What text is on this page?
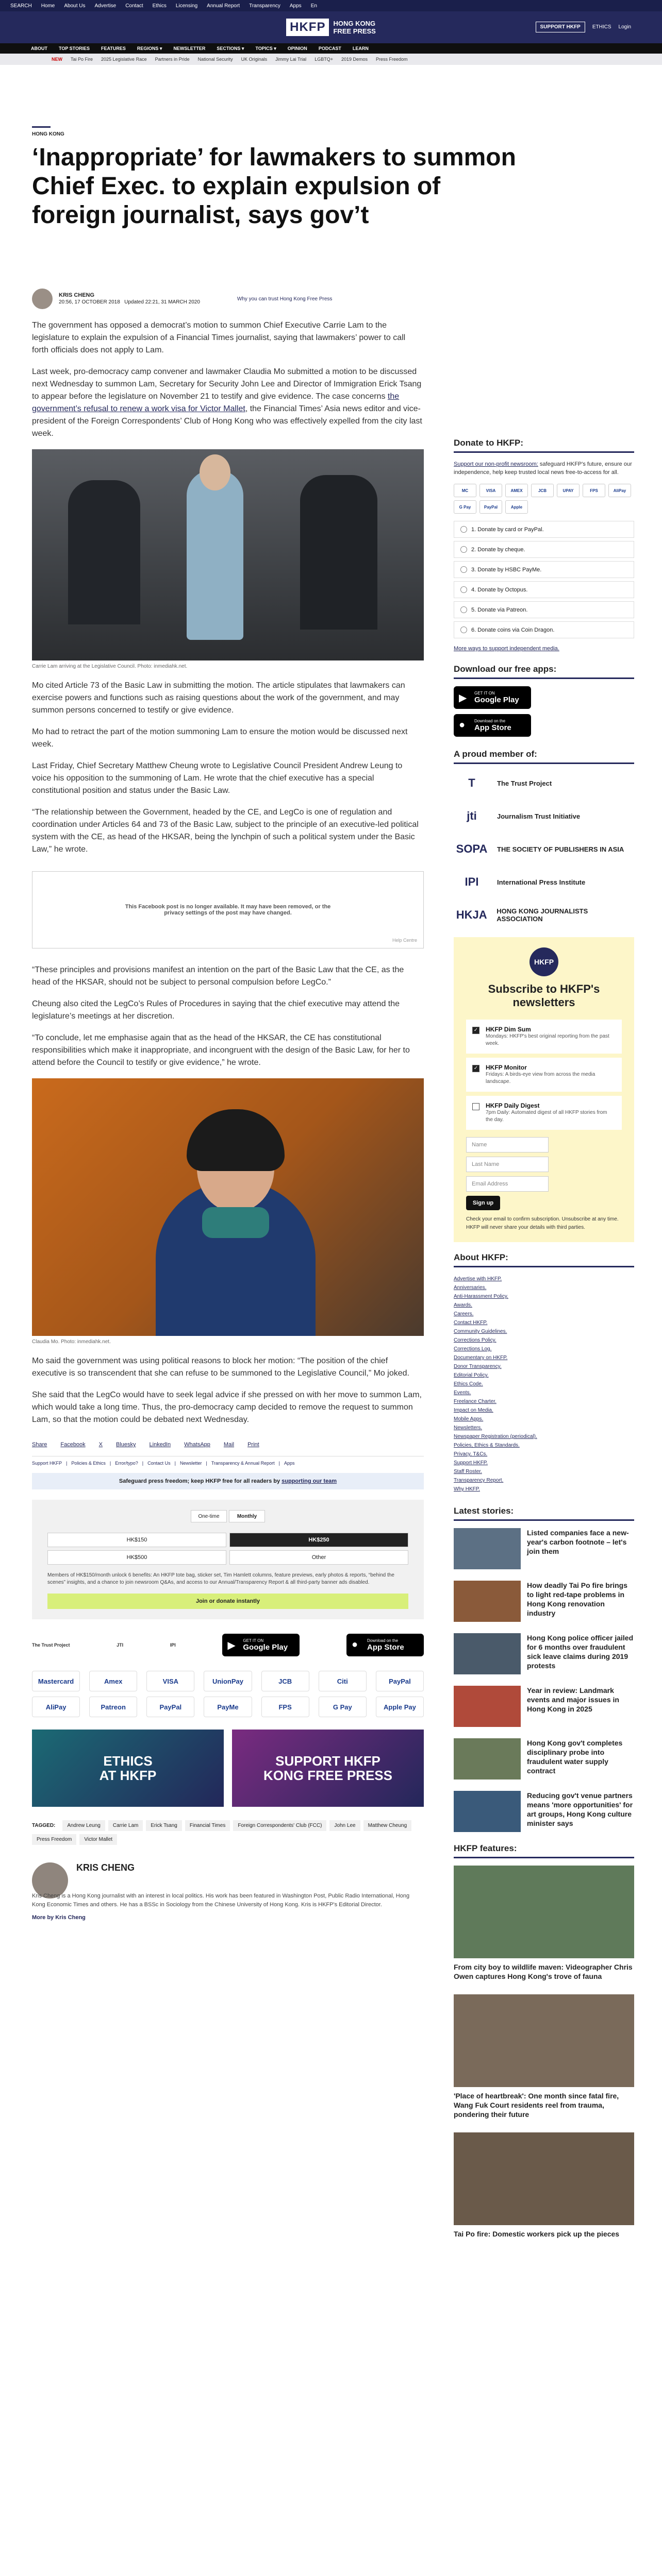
SEARCH Home About Us Advertise Contact Ethics Licensing Annual Report Transparency Apps En
HKFP	HONG KONG
FREE PRESS
SUPPORT HKFP	ETHICS Login
ABOUT TOP STORIES FEATURES REGIONS ▾ NEWSLETTER SECTIONS ▾ TOPICS ▾ OPINION PODCAST LEARN
NEW Tai Po Fire 2025 Legislative Race Partners in Pride National Security UK Originals Jimmy Lai Trial LGBTQ+ 2019 Demos Press Freedom
HONG KONG
‘Inappropriate’ for lawmakers to summon Chief Exec. to explain expulsion of foreign journalist, says gov’t
KRIS CHENG
20:56, 17 OCTOBER 2018 Updated 22:21, 31 MARCH 2020
Why you can trust Hong Kong Free Press

The government has opposed a democrat’s motion to summon Chief Executive Carrie Lam to the legislature to explain the expulsion of a Financial Times journalist, saying that lawmakers’ power to call forth officials does not apply to Lam.

Last week, pro-democracy camp convener and lawmaker Claudia Mo submitted a motion to be discussed next Wednesday to summon Lam, Secretary for Security John Lee and Director of Immigration Erick Tsang to appear before the legislature on November 21 to testify and give evidence. The case concerns the government’s refusal to renew a work visa for Victor Mallet, the Financial Times’ Asia news editor and vice-president of the Foreign Correspondents’ Club of Hong Kong who was effectively expelled from the city last week.

Carrie Lam arriving at the Legislative Council. Photo: inmediahk.net.

Mo cited Article 73 of the Basic Law in submitting the motion. The article stipulates that lawmakers can exercise powers and functions such as raising questions about the work of the government, and may summon persons concerned to testify or give evidence.

Mo had to retract the part of the motion summoning Lam to ensure the motion would be discussed next week.

Last Friday, Chief Secretary Matthew Cheung wrote to Legislative Council President Andrew Leung to voice his opposition to the summoning of Lam. He wrote that the chief executive has a special constitutional position and status under the Basic Law.

“The relationship between the Government, headed by the CE, and LegCo is one of regulation and coordination under Articles 64 and 73 of the Basic Law, subject to the principle of an executive-led political system with the CE, as head of the HKSAR, being the lynchpin of such a political system under the Basic Law,” he wrote.

This Facebook post is no longer available. It may have been removed, or the privacy settings of the post may have changed.
Help Centre

“These principles and provisions manifest an intention on the part of the Basic Law that the CE, as the head of the HKSAR, should not be subject to personal compulsion before LegCo.”

Cheung also cited the LegCo’s Rules of Procedures in saying that the chief executive may attend the legislature’s meetings at her discretion.

“To conclude, let me emphasise again that as the head of the HKSAR, the CE has constitutional responsibilities which make it inappropriate, and incongruent with the design of the Basic Law, for her to attend before the Council to testify or give evidence,” he wrote.

Claudia Mo. Photo: inmediahk.net.

Mo said the government was using political reasons to block her motion: “The position of the chief executive is so transcendent that she can refuse to be summoned to the Legislative Council,” Mo joked.

She said that the LegCo would have to seek legal advice if she pressed on with her move to summon Lam, which would take a long time. Thus, the pro-democracy camp decided to remove the request to summon Lam, so that the motion could be debated next Wednesday.

Share Facebook X Bluesky LinkedIn WhatsApp Mail Print
Support HKFP | Policies & Ethics | Error/typo? | Contact Us | Newsletter | Transparency & Annual Report | Apps
Safeguard press freedom; keep HKFP free for all readers by supporting our team
One-time	Monthly
HK$150	HK$250
HK$500	Other
Members of HK$150/month unlock 6 benefits: An HKFP tote bag, sticker set, Tim Hamlett columns, feature previews, early photos & reports, “behind the scenes” insights, and a chance to join newsroom Q&As, and access to our Annual/Transparency Report & all third-party banner ads disabled.
Join or donate instantly
The Trust Project	JTI	IPI	▶ GET IT ON
Google Play	● Download on the
App Store
Mastercard	Amex	VISA	UnionPay	JCB	Citi	PayPal
AliPay	Patreon	PayPal	PayMe	FPS	G Pay	Apple Pay
ETHICS
AT HKFP
SUPPORT HKFP
KONG FREE PRESS
TAGGED:	Andrew Leung	Carrie Lam	Erick Tsang	Financial Times	Foreign Correspondents' Club (FCC)	John Lee	Matthew Cheung
Press Freedom	Victor Mallet
KRIS CHENG
Kris Cheng is a Hong Kong journalist with an interest in local politics. His work has been featured in Washington Post, Public Radio International, Hong Kong Economic Times and others. He has a BSSc in Sociology from the Chinese University of Hong Kong. Kris is HKFP's Editorial Director.
More by Kris Cheng
Donate to HKFP:
Support our non-profit newsroom: safeguard HKFP's future, ensure our independence, help keep trusted local news free-to-access for all.
MC	VISA	AMEX	JCB	UPAY	FPS	AliPay
G Pay	PayPal	Apple
1. Donate by card or PayPal.
2. Donate by cheque.
3. Donate by HSBC PayMe.
4. Donate by Octopus.
5. Donate via Patreon.
6. Donate coins via Coin Dragon.
More ways to support independent media.
Download our free apps:
▶ GET IT ON
Google Play
● Download on the
App Store
A proud member of:
T	The Trust Project
jti	Journalism Trust Initiative
SOPA	THE SOCIETY OF PUBLISHERS IN ASIA
IPI	International Press Institute
HKJA	HONG KONG JOURNALISTS ASSOCIATION
HKFP
Subscribe to HKFP's newsletters
✓ HKFP Dim Sum
Mondays: HKFP's best original reporting from the past week.
✓ HKFP Monitor
Fridays: A birds-eye view from across the media landscape.
HKFP Daily Digest
7pm Daily: Automated digest of all HKFP stories from the day.
Name
Last Name
Email Address
Sign up
Check your email to confirm subscription. Unsubscribe at any time. HKFP will never share your details with third parties.
About HKFP:
Advertise with HKFP.
Anniversaries.
Anti-Harassment Policy.
Awards.
Careers.
Contact HKFP.
Community Guidelines.
Corrections Policy.
Corrections Log.
Documentary on HKFP.
Donor Transparency.
Editorial Policy.
Ethics Code.
Events.
Freelance Charter.
Impact on Media.
Mobile Apps.
Newsletters.
Newspaper Registration (periodical).
Policies, Ethics & Standards.
Privacy, T&Cs.
Support HKFP.
Staff Roster.
Transparency Report.
Why HKFP.
Latest stories:
Listed companies face a new-year's carbon footnote – let's join them
How deadly Tai Po fire brings to light red-tape problems in Hong Kong renovation industry
Hong Kong police officer jailed for 6 months over fraudulent sick leave claims during 2019 protests
Year in review: Landmark events and major issues in Hong Kong in 2025
Hong Kong gov't completes disciplinary probe into fraudulent water supply contract
Reducing gov't venue partners means 'more opportunities' for art groups, Hong Kong culture minister says
HKFP features:
From city boy to wildlife maven: Videographer Chris Owen captures Hong Kong's trove of fauna
'Place of heartbreak': One month since fatal fire, Wang Fuk Court residents reel from trauma, pondering their future
Tai Po fire: Domestic workers pick up the pieces
